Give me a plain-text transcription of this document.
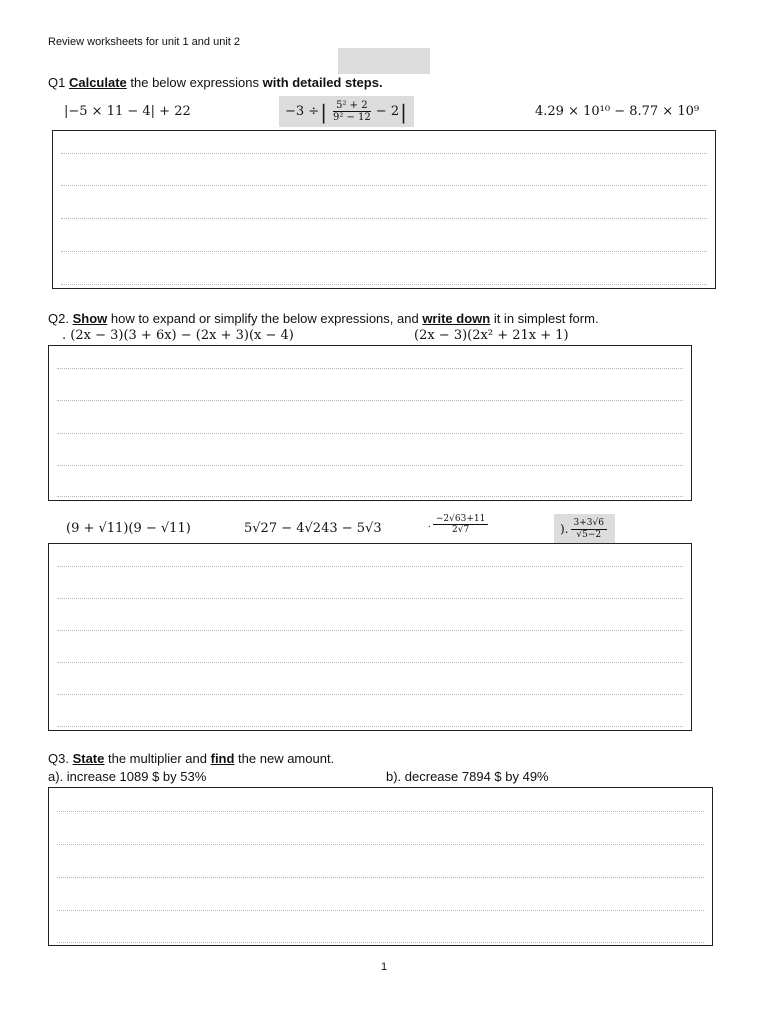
Review worksheets for unit 1 and unit 2
Q1 Calculate the below expressions with detailed steps.
|−5 × 11 − 4| + 22	−3 ÷ | $\frac{\text{5² + 2}}{\text{9² − 12}} - 2$ |	4.29 × 10¹⁰ − 8.77 × 10⁹
Q2. Show how to expand or simplify the below expressions, and write down it in simplest form.
. (2x − 3)(3 + 6x) − (2x + 3)(x − 4)	(2x − 3)(2x² + 21x + 1)
(9 + √11)(9 − √11)	5√27 − 4√243 − 5√3	. $\frac{-2√63+11}{2√7}$	). $\frac{3+3√6}{√5-2}$
Q3. State the multiplier and find the new amount.
a). increase 1089 $ by 53%	b). decrease 7894 $ by 49%
1
